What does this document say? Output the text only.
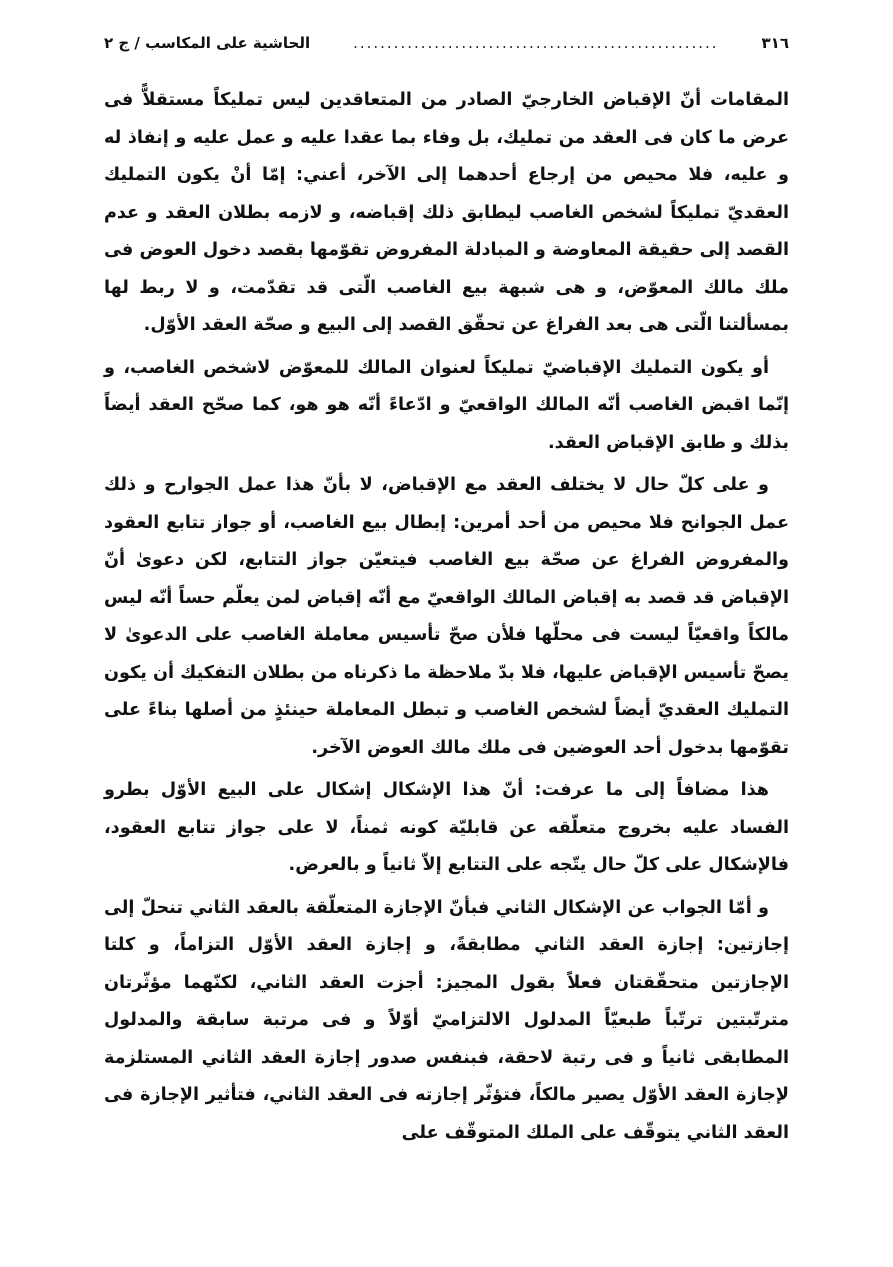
٣١٦
......................................................
الحاشية على المكاسب / ج ٢

المقامات أنّ الإقباض الخارجيّ الصادر من المتعاقدين ليس تمليكاً مستقلاًّ فى عرض ما كان فى العقد من تمليك، بل وفاء بما عقدا عليه و عمل عليه و إنفاذ له و عليه، فلا محيص من إرجاع أحدهما إلى الآخر، أعني: إمّا أنْ يكون التمليك العقديّ تمليكاً لشخص الغاصب ليطابق ذلك إقباضه، و لازمه بطلان العقد و عدم القصد إلى حقيقة المعاوضة و المبادلة المفروض تقوّمها بقصد دخول العوض فى ملك مالك المعوّض، و هى شبهة بيع الغاصب الّتى قد تقدّمت، و لا ربط لها بمسألتنا الّتى هى بعد الفراغ عن تحقّق القصد إلى البيع و صحّة العقد الأوّل.

أو يكون التمليك الإقباضيّ تمليكاً لعنوان المالك للمعوّض لاشخص الغاصب، و إنّما اقبض الغاصب أنّه المالك الواقعيّ و ادّعاءً أنّه هو هو، كما صحّح العقد أيضاً بذلك و طابق الإقباض العقد.

و على كلّ حال لا يختلف العقد مع الإقباض، لا بأنّ هذا عمل الجوارح و ذلك عمل الجوانح فلا محيص من أحد أمرين: إبطال بيع الغاصب، أو جواز تتابع العقود والمفروض الفراغ عن صحّة بيع الغاصب فيتعيّن جواز التتابع، لكن دعوىٰ أنّ الإقباض قد قصد به إقباض المالك الواقعيّ مع أنّه إقباض لمن يعلّم حساً أنّه ليس مالكاً واقعيّاً ليست فى محلّها فلأن صحّ تأسيس معاملة الغاصب على الدعوىٰ لا يصحّ تأسيس الإقباض عليها، فلا بدّ ملاحظة ما ذكرناه من بطلان التفكيك أن يكون التمليك العقديّ أيضاً لشخص الغاصب و تبطل المعاملة حينئذٍ من أصلها بناءً على تقوّمها بدخول أحد العوضين فى ملك مالك العوض الآخر.

هذا مضافاً إلى ما عرفت: أنّ هذا الإشكال إشكال على البيع الأوّل بطرو الفساد عليه بخروج متعلّقه عن قابليّة كونه ثمناً، لا على جواز تتابع العقود، فالإشكال على كلّ حال يتّجه على التتابع إلاّ ثانياً و بالعرض.

و أمّا الجواب عن الإشكال الثاني فبأنّ الإجازة المتعلّقة بالعقد الثاني تنحلّ إلى إجازتين: إجازة العقد الثاني مطابقةً، و إجازة العقد الأوّل التزاماً، و كلتا الإجازتين متحقّقتان فعلاً بقول المجيز: أجزت العقد الثاني، لكنّهما مؤثّرتان مترتّبتين ترتّباً طبعيّاً المدلول الالتزاميّ أوّلاً و فى مرتبة سابقة والمدلول المطابقى ثانياً و فى رتبة لاحقة، فبنفس صدور إجازة العقد الثاني المستلزمة لإجازة العقد الأوّل يصير مالكاً، فتؤثّر إجازته فى العقد الثاني، فتأثير الإجازة فى العقد الثاني يتوقّف على الملك المتوقّف على
